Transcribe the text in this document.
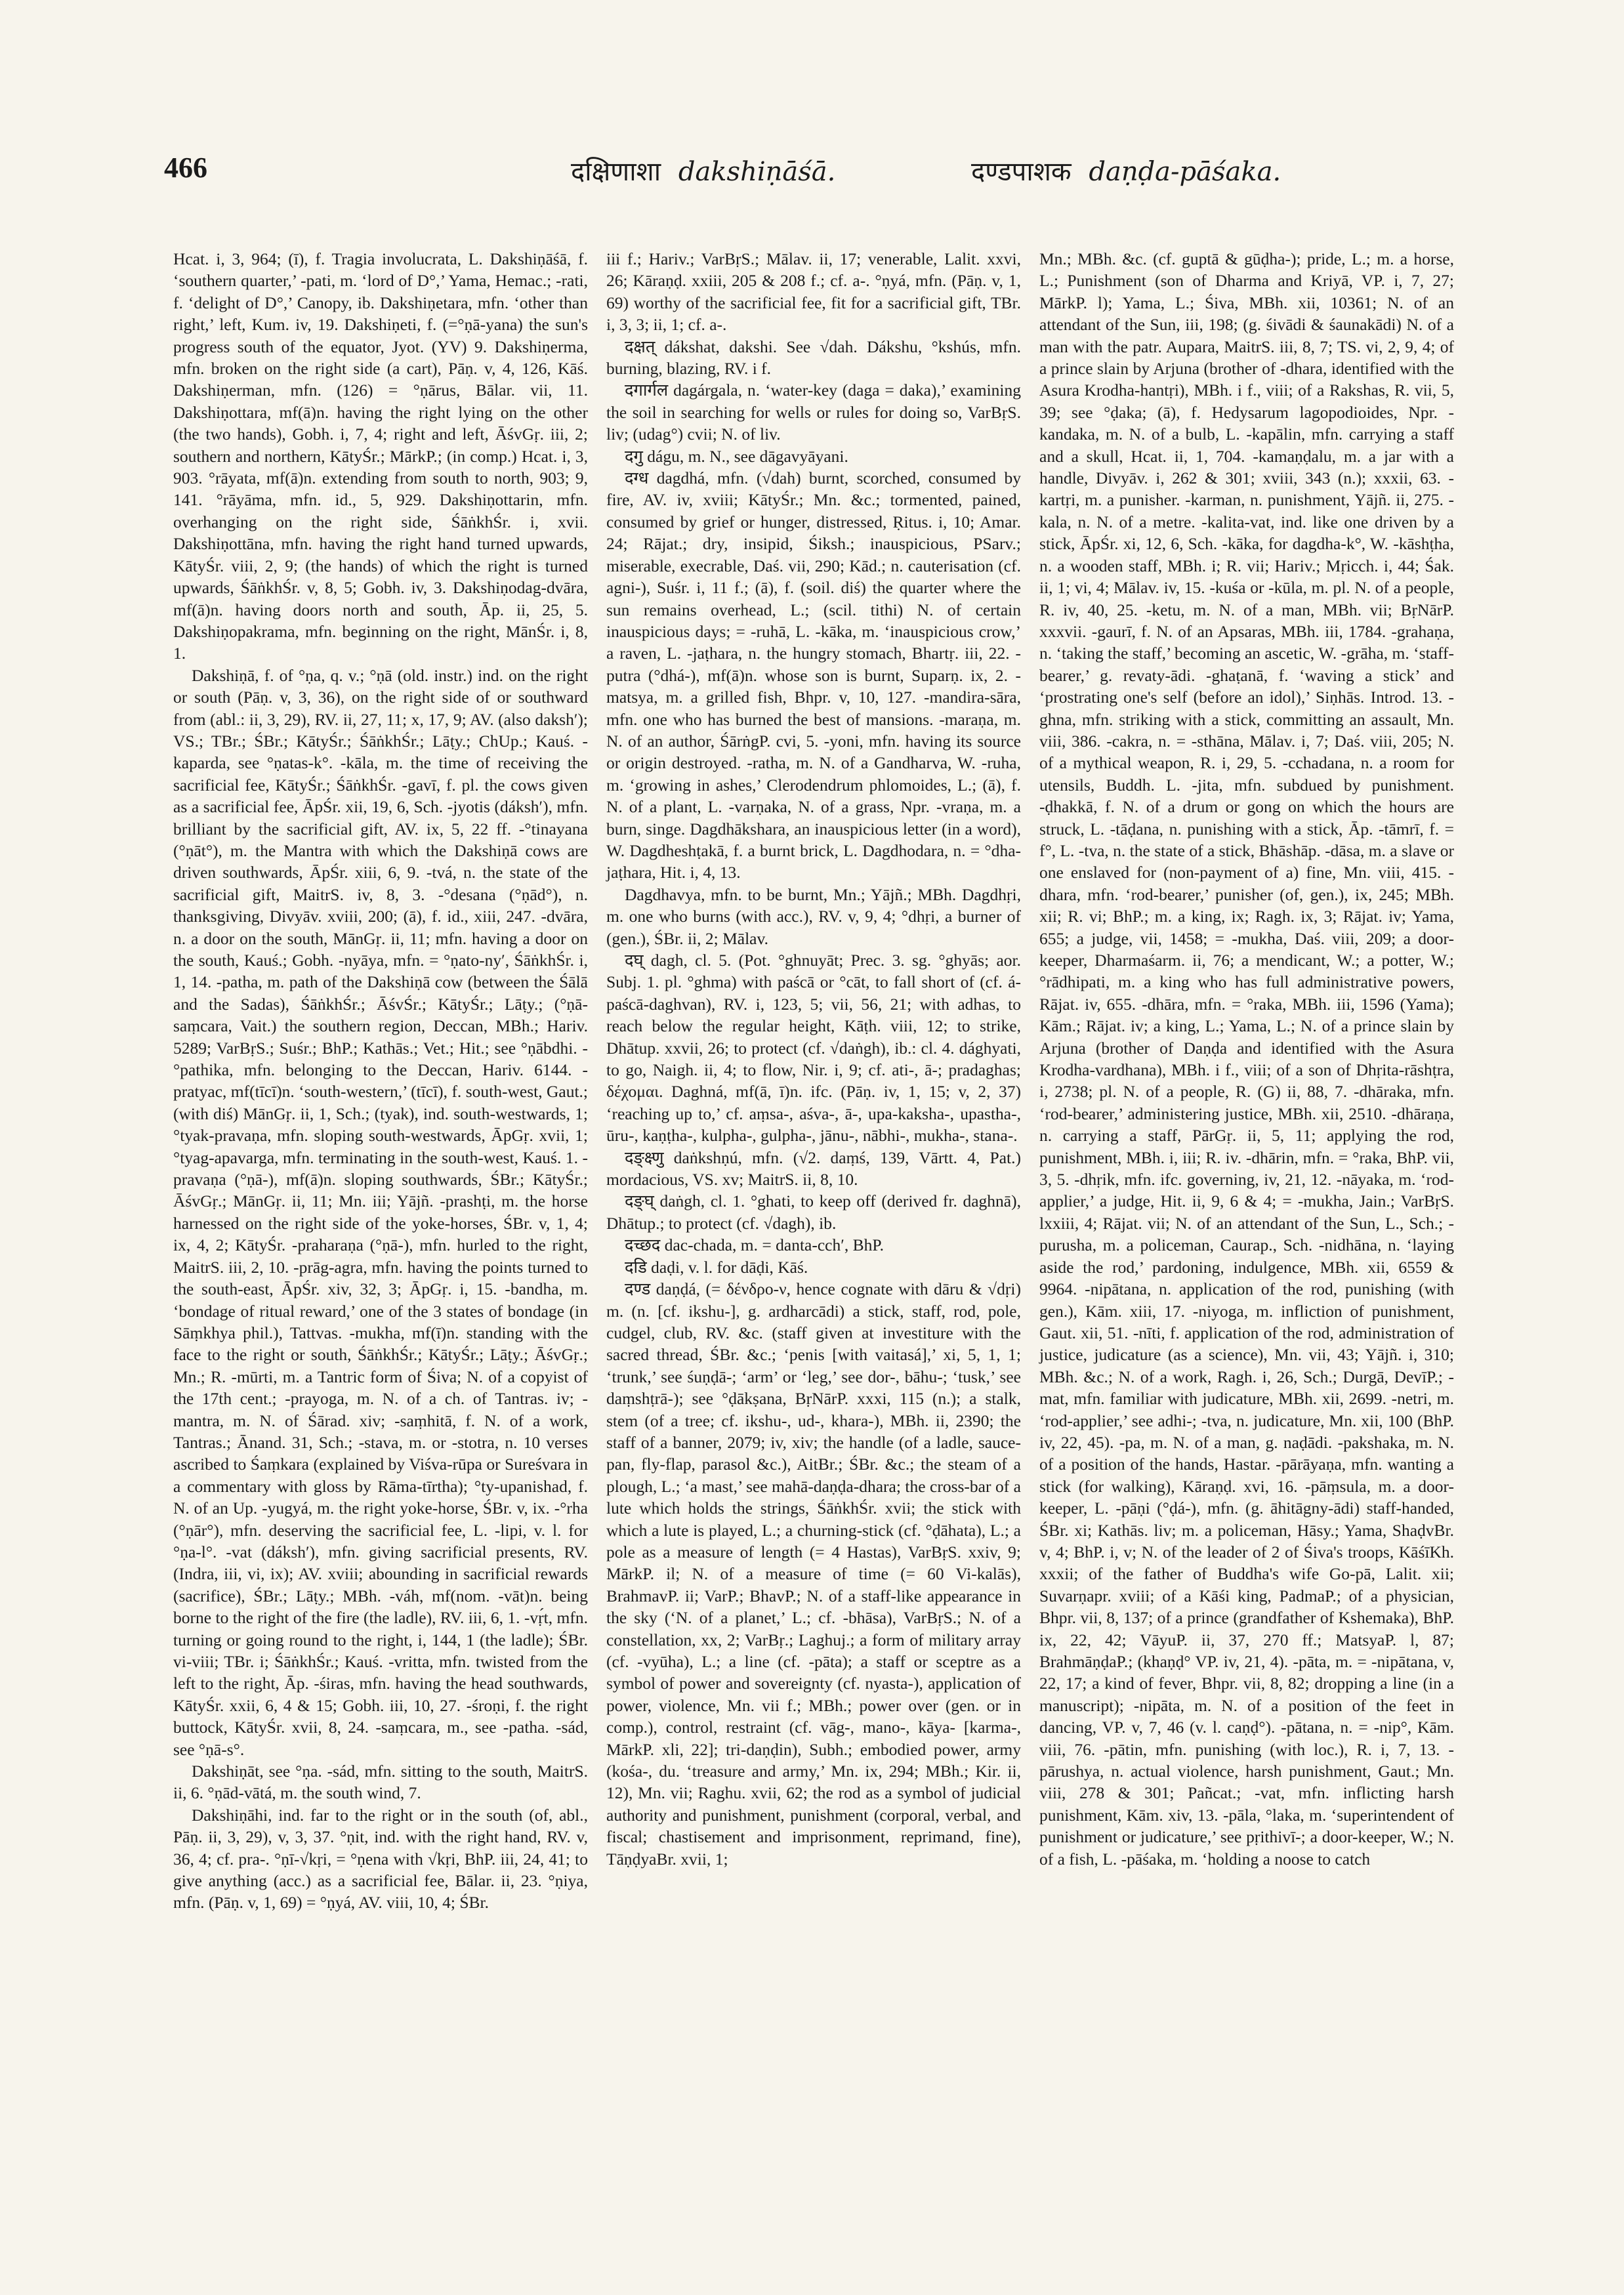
466	दक्षिणाशा dakshiṇāśā.	दण्डपाशक daṇḍa-pāśaka.

Hcat. i, 3, 964; (ī), f. Tragia involucrata, L. Dakshiṇāśā, f. ‘southern quarter,’ -pati, m. ‘lord of D°,’ Yama, Hemac.; -rati, f. ‘delight of D°,’ Canopy, ib. Dakshiṇetara, mfn. ‘other than right,’ left, Kum. iv, 19. Dakshiṇeti, f. (=°ṇā-yana) the sun's progress south of the equator, Jyot. (YV) 9. Dakshiṇerma, mfn. broken on the right side (a cart), Pāṇ. v, 4, 126, Kāś. Dakshiṇerman, mfn. (126) = °ṇārus, Bālar. vii, 11. Dakshiṇottara, mf(ā)n. having the right lying on the other (the two hands), Gobh. i, 7, 4; right and left, ĀśvGṛ. iii, 2; southern and northern, KātyŚr.; MārkP.; (in comp.) Hcat. i, 3, 903. °rāyata, mf(ā)n. extending from south to north, 903; 9, 141. °rāyāma, mfn. id., 5, 929. Dakshiṇottarin, mfn. overhanging on the right side, ŚāṅkhŚr. i, xvii. Dakshiṇottāna, mfn. having the right hand turned upwards, KātyŚr. viii, 2, 9; (the hands) of which the right is turned upwards, ŚāṅkhŚr. v, 8, 5; Gobh. iv, 3. Dakshiṇodag-dvāra, mf(ā)n. having doors north and south, Āp. ii, 25, 5. Dakshiṇopakrama, mfn. beginning on the right, MānŚr. i, 8, 1.

Dakshiṇā, f. of °ṇa, q. v.; °ṇā (old. instr.) ind. on the right or south (Pāṇ. v, 3, 36), on the right side of or southward from (abl.: ii, 3, 29), RV. ii, 27, 11; x, 17, 9; AV. (also dakshʹ); VS.; TBr.; ŚBr.; KātyŚr.; ŚāṅkhŚr.; Lāṭy.; ChUp.; Kauś. -kaparda, see °ṇatas-k°. -kāla, m. the time of receiving the sacrificial fee, KātyŚr.; ŚāṅkhŚr. -gavī, f. pl. the cows given as a sacrificial fee, ĀpŚr. xii, 19, 6, Sch. -jyotis (dákshʹ), mfn. brilliant by the sacrificial gift, AV. ix, 5, 22 ff. -°tinayana (°ṇāt°), m. the Mantra with which the Dakshiṇā cows are driven southwards, ĀpŚr. xiii, 6, 9. -tvá, n. the state of the sacrificial gift, MaitrS. iv, 8, 3. -°desana (°ṇād°), n. thanksgiving, Divyāv. xviii, 200; (ā), f. id., xiii, 247. -dvāra, n. a door on the south, MānGṛ. ii, 11; mfn. having a door on the south, Kauś.; Gobh. -nyāya, mfn. = °ṇato-nyʹ, ŚāṅkhŚr. i, 1, 14. -patha, m. path of the Dakshiṇā cow (between the Śālā and the Sadas), ŚāṅkhŚr.; ĀśvŚr.; KātyŚr.; Lāṭy.; (°ṇā-saṃcara, Vait.) the southern region, Deccan, MBh.; Hariv. 5289; VarBṛS.; Suśr.; BhP.; Kathās.; Vet.; Hit.; see °ṇābdhi. -°pathika, mfn. belonging to the Deccan, Hariv. 6144. -pratyac, mf(tīcī)n. ‘south-western,’ (tīcī), f. south-west, Gaut.; (with diś) MānGṛ. ii, 1, Sch.; (tyak), ind. south-westwards, 1; °tyak-pravaṇa, mfn. sloping south-westwards, ĀpGṛ. xvii, 1; °tyag-apavarga, mfn. terminating in the south-west, Kauś. 1. -pravaṇa (°ṇā-), mf(ā)n. sloping southwards, ŚBr.; KātyŚr.; ĀśvGṛ.; MānGṛ. ii, 11; Mn. iii; Yājñ. -prashṭi, m. the horse harnessed on the right side of the yoke-horses, ŚBr. v, 1, 4; ix, 4, 2; KātyŚr. -praharaṇa (°ṇā-), mfn. hurled to the right, MaitrS. iii, 2, 10. -prāg-agra, mfn. having the points turned to the south-east, ĀpŚr. xiv, 32, 3; ĀpGṛ. i, 15. -bandha, m. ‘bondage of ritual reward,’ one of the 3 states of bondage (in Sāṃkhya phil.), Tattvas. -mukha, mf(ī)n. standing with the face to the right or south, ŚāṅkhŚr.; KātyŚr.; Lāṭy.; ĀśvGṛ.; Mn.; R. -mūrti, m. a Tantric form of Śiva; N. of a copyist of the 17th cent.; -prayoga, m. N. of a ch. of Tantras. iv; -mantra, m. N. of Śārad. xiv; -saṃhitā, f. N. of a work, Tantras.; Ānand. 31, Sch.; -stava, m. or -stotra, n. 10 verses ascribed to Śaṃkara (explained by Viśva-rūpa or Sureśvara in a commentary with gloss by Rāma-tīrtha); °ty-upanishad, f. N. of an Up. -yugyá, m. the right yoke-horse, ŚBr. v, ix. -°rha (°ṇār°), mfn. deserving the sacrificial fee, L. -lipi, v. l. for °ṇa-l°. -vat (dákshʹ), mfn. giving sacrificial presents, RV. (Indra, iii, vi, ix); AV. xviii; abounding in sacrificial rewards (sacrifice), ŚBr.; Lāṭy.; MBh. -váh, mf(nom. -vāt)n. being borne to the right of the fire (the ladle), RV. iii, 6, 1. -vṛ́t, mfn. turning or going round to the right, i, 144, 1 (the ladle); ŚBr. vi-viii; TBr. i; ŚāṅkhŚr.; Kauś. -vritta, mfn. twisted from the left to the right, Āp. -śiras, mfn. having the head southwards, KātyŚr. xxii, 6, 4 & 15; Gobh. iii, 10, 27. -śroṇi, f. the right buttock, KātyŚr. xvii, 8, 24. -saṃcara, m., see -patha. -sád, see °ṇā-s°.

Dakshiṇāt, see °ṇa. -sád, mfn. sitting to the south, MaitrS. ii, 6. °ṇād-vātá, m. the south wind, 7.

Dakshiṇāhi, ind. far to the right or in the south (of, abl., Pāṇ. ii, 3, 29), v, 3, 37. °ṇit, ind. with the right hand, RV. v, 36, 4; cf. pra-. °ṇī-√kṛi, = °ṇena with √kṛi, BhP. iii, 24, 41; to give anything (acc.) as a sacrificial fee, Bālar. ii, 23. °ṇiya, mfn. (Pāṇ. v, 1, 69) = °ṇyá, AV. viii, 10, 4; ŚBr.

iii f.; Hariv.; VarBṛS.; Mālav. ii, 17; venerable, Lalit. xxvi, 26; Kāraṇḍ. xxiii, 205 & 208 f.; cf. a-. °ṇyá, mfn. (Pāṇ. v, 1, 69) worthy of the sacrificial fee, fit for a sacrificial gift, TBr. i, 3, 3; ii, 1; cf. a-.

दक्षत् dákshat, dakshi. See √dah. Dákshu, °kshús, mfn. burning, blazing, RV. i f.

दगार्गल dagárgala, n. ‘water-key (daga = daka),’ examining the soil in searching for wells or rules for doing so, VarBṛS. liv; (udag°) cvii; N. of liv.

दगु dágu, m. N., see dāgavyāyani.

दग्ध dagdhá, mfn. (√dah) burnt, scorched, consumed by fire, AV. iv, xviii; KātyŚr.; Mn. &c.; tormented, pained, consumed by grief or hunger, distressed, Ṛitus. i, 10; Amar. 24; Rājat.; dry, insipid, Śiksh.; inauspicious, PSarv.; miserable, execrable, Daś. vii, 290; Kād.; n. cauterisation (cf. agni-), Suśr. i, 11 f.; (ā), f. (soil. diś) the quarter where the sun remains overhead, L.; (scil. tithi) N. of certain inauspicious days; = -ruhā, L. -kāka, m. ‘inauspicious crow,’ a raven, L. -jaṭhara, n. the hungry stomach, Bhartṛ. iii, 22. -putra (°dhá-), mf(ā)n. whose son is burnt, Suparṇ. ix, 2. -matsya, m. a grilled fish, Bhpr. v, 10, 127. -mandira-sāra, mfn. one who has burned the best of mansions. -maraṇa, m. N. of an author, ŚārṅgP. cvi, 5. -yoni, mfn. having its source or origin destroyed. -ratha, m. N. of a Gandharva, W. -ruha, m. ‘growing in ashes,’ Clerodendrum phlomoides, L.; (ā), f. N. of a plant, L. -varṇaka, N. of a grass, Npr. -vraṇa, m. a burn, singe. Dagdhākshara, an inauspicious letter (in a word), W. Dagdheshṭakā, f. a burnt brick, L. Dagdhodara, n. = °dha-jaṭhara, Hit. i, 4, 13.

Dagdhavya, mfn. to be burnt, Mn.; Yājñ.; MBh. Dagdhṛi, m. one who burns (with acc.), RV. v, 9, 4; °dhṛi, a burner of (gen.), ŚBr. ii, 2; Mālav.

दघ् dagh, cl. 5. (Pot. °ghnuyāt; Prec. 3. sg. °ghyās; aor. Subj. 1. pl. °ghma) with paścā or °cāt, to fall short of (cf. á-paścā-daghvan), RV. i, 123, 5; vii, 56, 21; with adhas, to reach below the regular height, Kāṭh. viii, 12; to strike, Dhātup. xxvii, 26; to protect (cf. √daṅgh), ib.: cl. 4. dághyati, to go, Naigh. ii, 4; to flow, Nir. i, 9; cf. ati-, ā-; pradaghas; δέχομαι. Daghná, mf(ā, ī)n. ifc. (Pāṇ. iv, 1, 15; v, 2, 37) ‘reaching up to,’ cf. aṃsa-, aśva-, ā-, upa-kaksha-, upastha-, ūru-, kaṇṭha-, kulpha-, gulpha-, jānu-, nābhi-, mukha-, stana-.

दङ्क्ष्णु daṅkshṇú, mfn. (√2. daṃś, 139, Vārtt. 4, Pat.) mordacious, VS. xv; MaitrS. ii, 8, 10.

दङ्घ् daṅgh, cl. 1. °ghati, to keep off (derived fr. daghnā), Dhātup.; to protect (cf. √dagh), ib.

दच्छद dac-chada, m. = danta-cchʹ, BhP.

दडि daḍi, v. l. for dāḍi, Kāś.

दण्ड daṇḍá, (= δένδρο-ν, hence cognate with dāru & √dṛi) m. (n. [cf. ikshu-], g. ardharcādi) a stick, staff, rod, pole, cudgel, club, RV. &c. (staff given at investiture with the sacred thread, ŚBr. &c.; ‘penis [with vaitasá],’ xi, 5, 1, 1; ‘trunk,’ see śuṇḍā-; ‘arm’ or ‘leg,’ see dor-, bāhu-; ‘tusk,’ see daṃshṭrā-); see °ḍākṣana, BṛNārP. xxxi, 115 (n.); a stalk, stem (of a tree; cf. ikshu-, ud-, khara-), MBh. ii, 2390; the staff of a banner, 2079; iv, xiv; the handle (of a ladle, sauce-pan, fly-flap, parasol &c.), AitBr.; ŚBr. &c.; the steam of a plough, L.; ‘a mast,’ see mahā-daṇḍa-dhara; the cross-bar of a lute which holds the strings, ŚāṅkhŚr. xvii; the stick with which a lute is played, L.; a churning-stick (cf. °ḍāhata), L.; a pole as a measure of length (= 4 Hastas), VarBṛS. xxiv, 9; MārkP. il; N. of a measure of time (= 60 Vi-kalās), BrahmavP. ii; VarP.; BhavP.; N. of a staff-like appearance in the sky (‘N. of a planet,’ L.; cf. -bhāsa), VarBṛS.; N. of a constellation, xx, 2; VarBṛ.; Laghuj.; a form of military array (cf. -vyūha), L.; a line (cf. -pāta); a staff or sceptre as a symbol of power and sovereignty (cf. nyasta-), application of power, violence, Mn. vii f.; MBh.; power over (gen. or in comp.), control, restraint (cf. vāg-, mano-, kāya- [karma-, MārkP. xli, 22]; tri-daṇḍin), Subh.; embodied power, army (kośa-, du. ‘treasure and army,’ Mn. ix, 294; MBh.; Kir. ii, 12), Mn. vii; Raghu. xvii, 62; the rod as a symbol of judicial authority and punishment, punishment (corporal, verbal, and fiscal; chastisement and imprisonment, reprimand, fine), TāṇḍyaBr. xvii, 1;

Mn.; MBh. &c. (cf. guptā & gūḍha-); pride, L.; m. a horse, L.; Punishment (son of Dharma and Kriyā, VP. i, 7, 27; MārkP. l); Yama, L.; Śiva, MBh. xii, 10361; N. of an attendant of the Sun, iii, 198; (g. śivādi & śaunakādi) N. of a man with the patr. Aupara, MaitrS. iii, 8, 7; TS. vi, 2, 9, 4; of a prince slain by Arjuna (brother of -dhara, identified with the Asura Krodha-hantṛi), MBh. i f., viii; of a Rakshas, R. vii, 5, 39; see °ḍaka; (ā), f. Hedysarum lagopodioides, Npr. -kandaka, m. N. of a bulb, L. -kapālin, mfn. carrying a staff and a skull, Hcat. ii, 1, 704. -kamaṇḍalu, m. a jar with a handle, Divyāv. i, 262 & 301; xviii, 343 (n.); xxxii, 63. -kartṛi, m. a punisher. -karman, n. punishment, Yājñ. ii, 275. -kala, n. N. of a metre. -kalita-vat, ind. like one driven by a stick, ĀpŚr. xi, 12, 6, Sch. -kāka, for dagdha-k°, W. -kāshṭha, n. a wooden staff, MBh. i; R. vii; Hariv.; Mṛicch. i, 44; Śak. ii, 1; vi, 4; Mālav. iv, 15. -kuśa or -kūla, m. pl. N. of a people, R. iv, 40, 25. -ketu, m. N. of a man, MBh. vii; BṛNārP. xxxvii. -gaurī, f. N. of an Apsaras, MBh. iii, 1784. -grahaṇa, n. ‘taking the staff,’ becoming an ascetic, W. -grāha, m. ‘staff-bearer,’ g. revaty-ādi. -ghaṭanā, f. ‘waving a stick’ and ‘prostrating one's self (before an idol),’ Siṇhās. Introd. 13. -ghna, mfn. striking with a stick, committing an assault, Mn. viii, 386. -cakra, n. = -sthāna, Mālav. i, 7; Daś. viii, 205; N. of a mythical weapon, R. i, 29, 5. -cchadana, n. a room for utensils, Buddh. L. -jita, mfn. subdued by punishment. -ḍhakkā, f. N. of a drum or gong on which the hours are struck, L. -tāḍana, n. punishing with a stick, Āp. -tāmrī, f. = f°, L. -tva, n. the state of a stick, Bhāshāp. -dāsa, m. a slave or one enslaved for (non-payment of a) fine, Mn. viii, 415. -dhara, mfn. ‘rod-bearer,’ punisher (of, gen.), ix, 245; MBh. xii; R. vi; BhP.; m. a king, ix; Ragh. ix, 3; Rājat. iv; Yama, 655; a judge, vii, 1458; = -mukha, Daś. viii, 209; a door-keeper, Dharmaśarm. ii, 76; a mendicant, W.; a potter, W.; °rādhipati, m. a king who has full administrative powers, Rājat. iv, 655. -dhāra, mfn. = °raka, MBh. iii, 1596 (Yama); Kām.; Rājat. iv; a king, L.; Yama, L.; N. of a prince slain by Arjuna (brother of Daṇḍa and identified with the Asura Krodha-vardhana), MBh. i f., viii; of a son of Dhṛita-rāshṭra, i, 2738; pl. N. of a people, R. (G) ii, 88, 7. -dhāraka, mfn. ‘rod-bearer,’ administering justice, MBh. xii, 2510. -dhāraṇa, n. carrying a staff, PārGṛ. ii, 5, 11; applying the rod, punishment, MBh. i, iii; R. iv. -dhārin, mfn. = °raka, BhP. vii, 3, 5. -dhṛik, mfn. ifc. governing, iv, 21, 12. -nāyaka, m. ‘rod-applier,’ a judge, Hit. ii, 9, 6 & 4; = -mukha, Jain.; VarBṛS. lxxiii, 4; Rājat. vii; N. of an attendant of the Sun, L., Sch.; -purusha, m. a policeman, Caurap., Sch. -nidhāna, n. ‘laying aside the rod,’ pardoning, indulgence, MBh. xii, 6559 & 9964. -nipātana, n. application of the rod, punishing (with gen.), Kām. xiii, 17. -niyoga, m. infliction of punishment, Gaut. xii, 51. -nīti, f. application of the rod, administration of justice, judicature (as a science), Mn. vii, 43; Yājñ. i, 310; MBh. &c.; N. of a work, Ragh. i, 26, Sch.; Durgā, DevīP.; -mat, mfn. familiar with judicature, MBh. xii, 2699. -netri, m. ‘rod-applier,’ see adhi-; -tva, n. judicature, Mn. xii, 100 (BhP. iv, 22, 45). -pa, m. N. of a man, g. naḍādi. -pakshaka, m. N. of a position of the hands, Hastar. -pārāyaṇa, mfn. wanting a stick (for walking), Kāraṇḍ. xvi, 16. -pāṃsula, m. a door-keeper, L. -pāṇi (°ḍá-), mfn. (g. āhitāgny-ādi) staff-handed, ŚBr. xi; Kathās. liv; m. a policeman, Hāsy.; Yama, ShaḍvBr. v, 4; BhP. i, v; N. of the leader of 2 of Śiva's troops, KāśīKh. xxxii; of the father of Buddha's wife Go-pā, Lalit. xii; Suvarṇapr. xviii; of a Kāśi king, PadmaP.; of a physician, Bhpr. vii, 8, 137; of a prince (grandfather of Kshemaka), BhP. ix, 22, 42; VāyuP. ii, 37, 270 ff.; MatsyaP. l, 87; BrahmāṇḍaP.; (khaṇḍ° VP. iv, 21, 4). -pāta, m. = -nipātana, v, 22, 17; a kind of fever, Bhpr. vii, 8, 82; dropping a line (in a manuscript); -nipāta, m. N. of a position of the feet in dancing, VP. v, 7, 46 (v. l. caṇḍ°). -pātana, n. = -nip°, Kām. viii, 76. -pātin, mfn. punishing (with loc.), R. i, 7, 13. -pārushya, n. actual violence, harsh punishment, Gaut.; Mn. viii, 278 & 301; Pañcat.; -vat, mfn. inflicting harsh punishment, Kām. xiv, 13. -pāla, °laka, m. ‘superintendent of punishment or judicature,’ see pṛithivī-; a door-keeper, W.; N. of a fish, L. -pāśaka, m. ‘holding a noose to catch
